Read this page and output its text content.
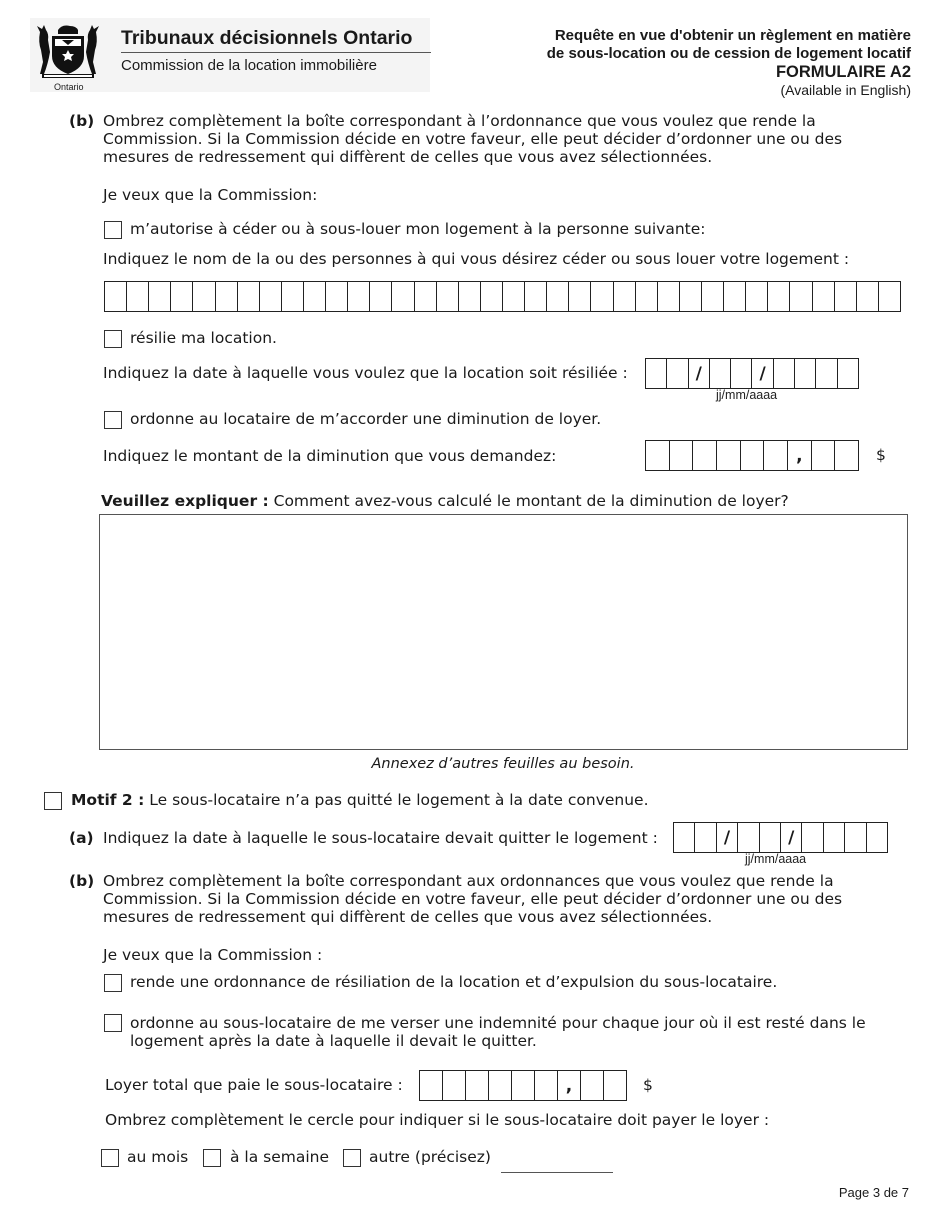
Ontario
Tribunaux décisionnels Ontario
Commission de la location immobilière
Requête en vue d'obtenir un règlement en matière
de sous-location ou de cession de logement locatif
FORMULAIRE A2
(Available in English)
(b) Ombrez complètement la boîte correspondant à l’ordonnance que vous voulez que rende la
Commission. Si la Commission décide en votre faveur, elle peut décider d’ordonner une ou des
mesures de redressement qui diffèrent de celles que vous avez sélectionnées.
Je veux que la Commission:
m’autorise à céder ou à sous-louer mon logement à la personne suivante:
Indiquez le nom de la ou des personnes à qui vous désirez céder ou sous louer votre logement :
résilie ma location.
Indiquez la date à laquelle vous voulez que la location soit résiliée :	/	/
jj/mm/aaaa
ordonne au locataire de m’accorder une diminution de loyer.
Indiquez le montant de la diminution que vous demandez:	,	$
Veuillez expliquer : Comment avez-vous calculé le montant de la diminution de loyer?
Annexez d’autres feuilles au besoin.
Motif 2 : Le sous-locataire n’a pas quitté le logement à la date convenue.
(a) Indiquez la date à laquelle le sous-locataire devait quitter le logement :	/	/
jj/mm/aaaa
(b) Ombrez complètement la boîte correspondant aux ordonnances que vous voulez que rende la
Commission. Si la Commission décide en votre faveur, elle peut décider d’ordonner une ou des
mesures de redressement qui diffèrent de celles que vous avez sélectionnées.
Je veux que la Commission :
rende une ordonnance de résiliation de la location et d’expulsion du sous-locataire.
ordonne au sous-locataire de me verser une indemnité pour chaque jour où il est resté dans le
logement après la date à laquelle il devait le quitter.
Loyer total que paie le sous-locataire :	,	$
Ombrez complètement le cercle pour indiquer si le sous-locataire doit payer le loyer :
au mois	à la semaine	autre (précisez)
Page 3 de 7
